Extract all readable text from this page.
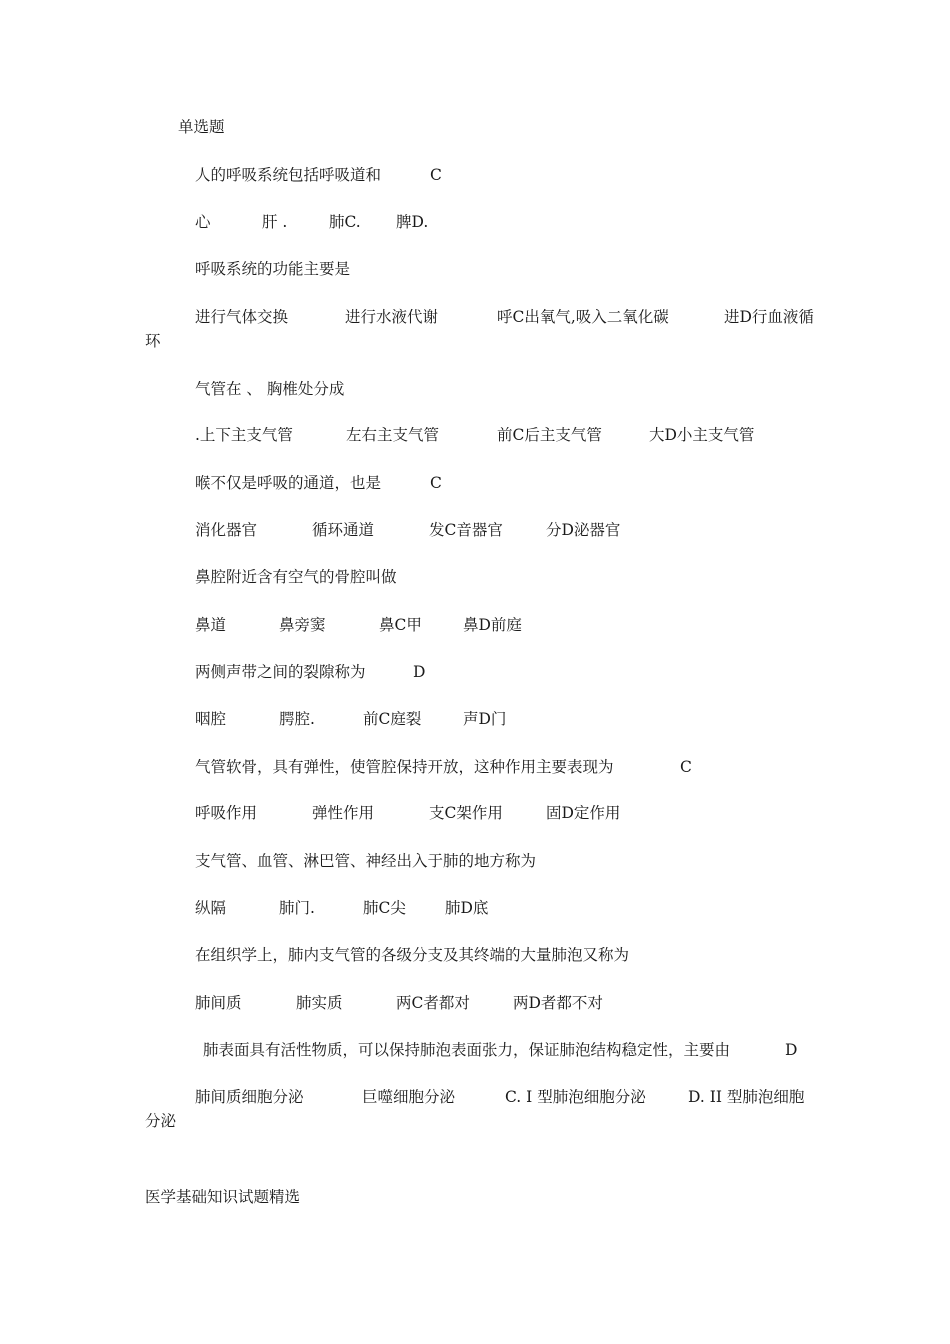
单选题
人的呼吸系统包括呼吸道和	C
心	肝 .	肺C. 脾D.
呼吸系统的功能主要是
进行气体交换	进行水液代谢	呼C出氧气,吸入二氧化碳	进D行血液循
环
气管在 、 胸椎处分成
.上下主支气管	左右主支气管	前C后主支气管	大D小主支气管
喉不仅是呼吸的通道，也是	C
消化器官	循环通道	发C音器官	分D泌器官
鼻腔附近含有空气的骨腔叫做
鼻道	鼻旁窦	鼻C甲	鼻D前庭
两侧声带之间的裂隙称为	D
咽腔	腭腔.	前C庭裂	声D门
气管软骨，具有弹性，使管腔保持开放，这种作用主要表现为	C
呼吸作用	弹性作用	支C架作用	固D定作用
支气管、血管、淋巴管、神经出入于肺的地方称为
纵隔	肺门.	肺C尖	肺D底
在组织学上，肺内支气管的各级分支及其终端的大量肺泡又称为
肺间质	肺实质	两C者都对	两D者都不对
肺表面具有活性物质，可以保持肺泡表面张力，保证肺泡结构稳定性，主要由	D
肺间质细胞分泌	巨噬细胞分泌	C. I 型肺泡细胞分泌	D. II 型肺泡细胞
分泌
医学基础知识试题精选
